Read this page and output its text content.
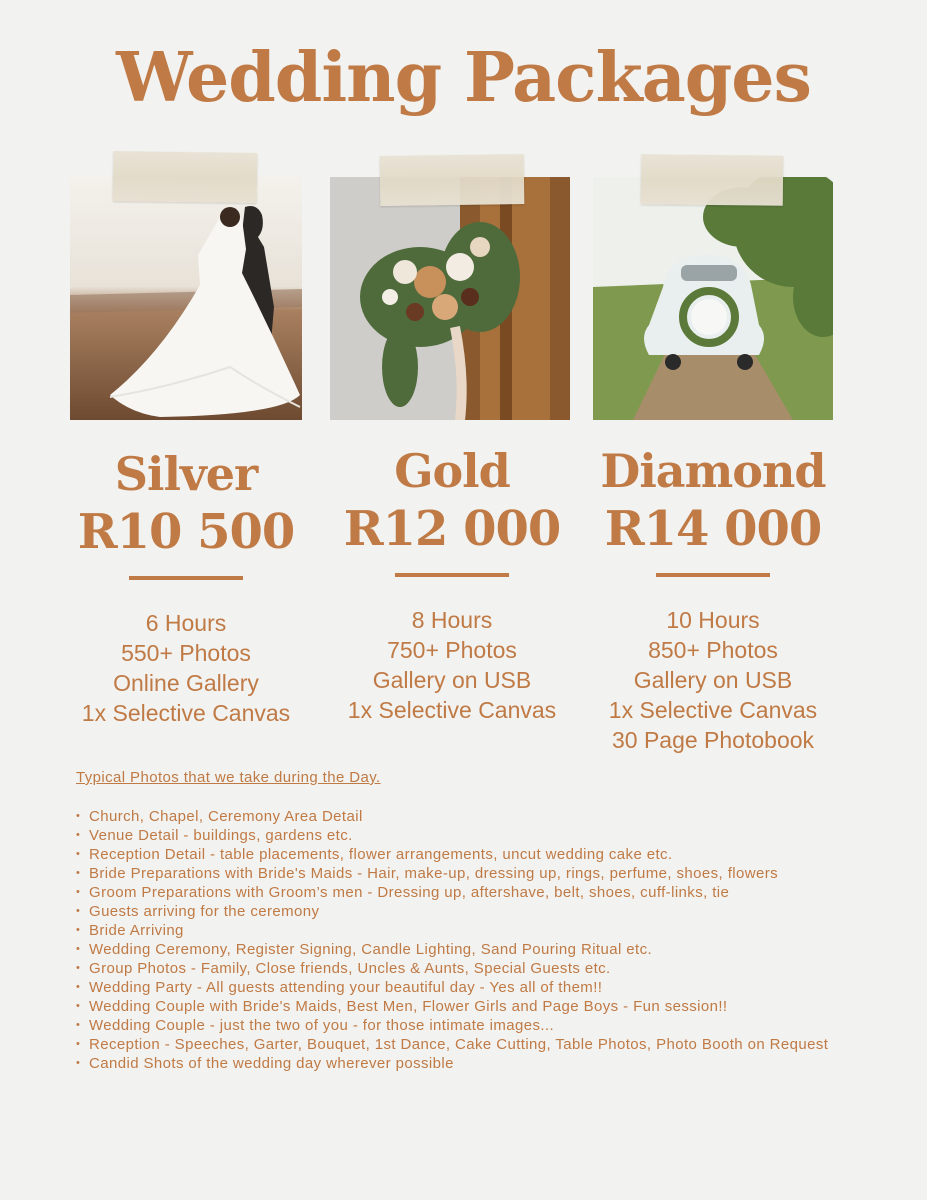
Wedding Packages
Silver
R10 500
6 Hours
550+ Photos
Online Gallery
1x Selective Canvas
Gold
R12 000
8 Hours
750+ Photos
Gallery on USB
1x Selective Canvas
Diamond
R14 000
10 Hours
850+ Photos
Gallery on USB
1x Selective Canvas
30 Page Photobook
Typical Photos that we take during the Day.
• Church, Chapel, Ceremony Area Detail
• Venue Detail - buildings, gardens etc.
• Reception Detail - table placements, flower arrangements, uncut wedding cake etc.
• Bride Preparations with Bride's Maids - Hair, make-up, dressing up, rings, perfume, shoes, flowers
• Groom Preparations with Groom’s men - Dressing up, aftershave, belt, shoes, cuff-links, tie
• Guests arriving for the ceremony
• Bride Arriving
• Wedding Ceremony, Register Signing, Candle Lighting, Sand Pouring Ritual etc.
• Group Photos - Family, Close friends, Uncles & Aunts, Special Guests etc.
• Wedding Party - All guests attending your beautiful day - Yes all of them!!
• Wedding Couple with Bride's Maids, Best Men, Flower Girls and Page Boys - Fun session!!
• Wedding Couple - just the two of you - for those intimate images...
• Reception - Speeches, Garter, Bouquet, 1st Dance, Cake Cutting, Table Photos, Photo Booth on Request
• Candid Shots of the wedding day wherever possible
